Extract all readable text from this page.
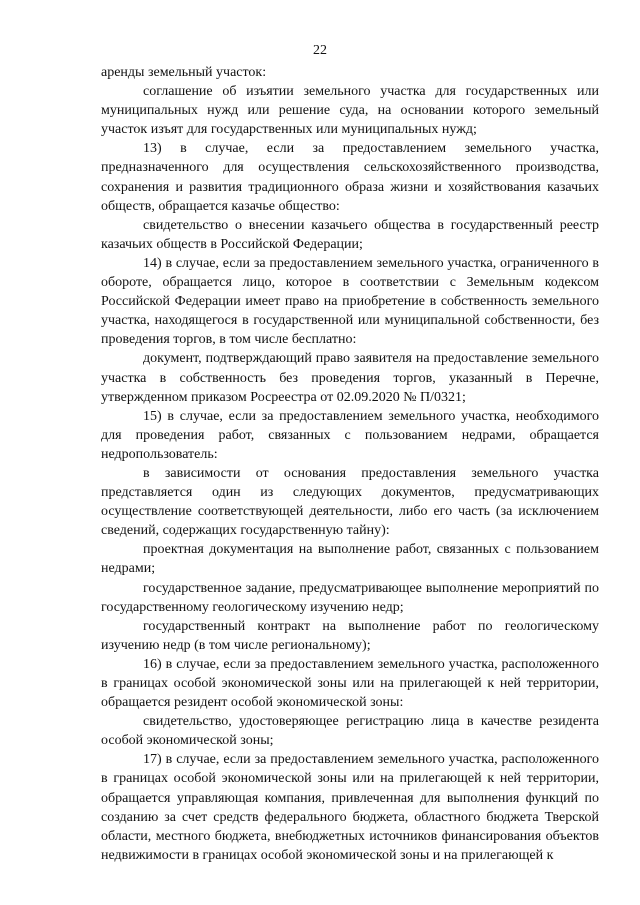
22

аренды земельный участок:

соглашение об изъятии земельного участка для государственных или муниципальных нужд или решение суда, на основании которого земельный участок изъят для государственных или муниципальных нужд;

13) в случае, если за предоставлением земельного участка, предназначенного для осуществления сельскохозяйственного производства, сохранения и развития традиционного образа жизни и хозяйствования казачьих обществ, обращается казачье общество:

свидетельство о внесении казачьего общества в государственный реестр казачьих обществ в Российской Федерации;

14) в случае, если за предоставлением земельного участка, ограниченного в обороте, обращается лицо, которое в соответствии с Земельным кодексом Российской Федерации имеет право на приобретение в собственность земельного участка, находящегося в государственной или муниципальной собственности, без проведения торгов, в том числе бесплатно:

документ, подтверждающий право заявителя на предоставление земельного участка в собственность без проведения торгов, указанный в Перечне, утвержденном приказом Росреестра от 02.09.2020 № П/0321;

15) в случае, если за предоставлением земельного участка, необходимого для проведения работ, связанных с пользованием недрами, обращается недропользователь:

в зависимости от основания предоставления земельного участка представляется один из следующих документов, предусматривающих осуществление соответствующей деятельности, либо его часть (за исключением сведений, содержащих государственную тайну):

проектная документация на выполнение работ, связанных с пользованием недрами;

государственное задание, предусматривающее выполнение мероприятий по государственному геологическому изучению недр;

государственный контракт на выполнение работ по геологическому изучению недр (в том числе региональному);

16) в случае, если за предоставлением земельного участка, расположенного в границах особой экономической зоны или на прилегающей к ней территории, обращается резидент особой экономической зоны:

свидетельство, удостоверяющее регистрацию лица в качестве резидента особой экономической зоны;

17) в случае, если за предоставлением земельного участка, расположенного в границах особой экономической зоны или на прилегающей к ней территории, обращается управляющая компания, привлеченная для выполнения функций по созданию за счет средств федерального бюджета, областного бюджета Тверской области, местного бюджета, внебюджетных источников финансирования объектов недвижимости в границах особой экономической зоны и на прилегающей к
